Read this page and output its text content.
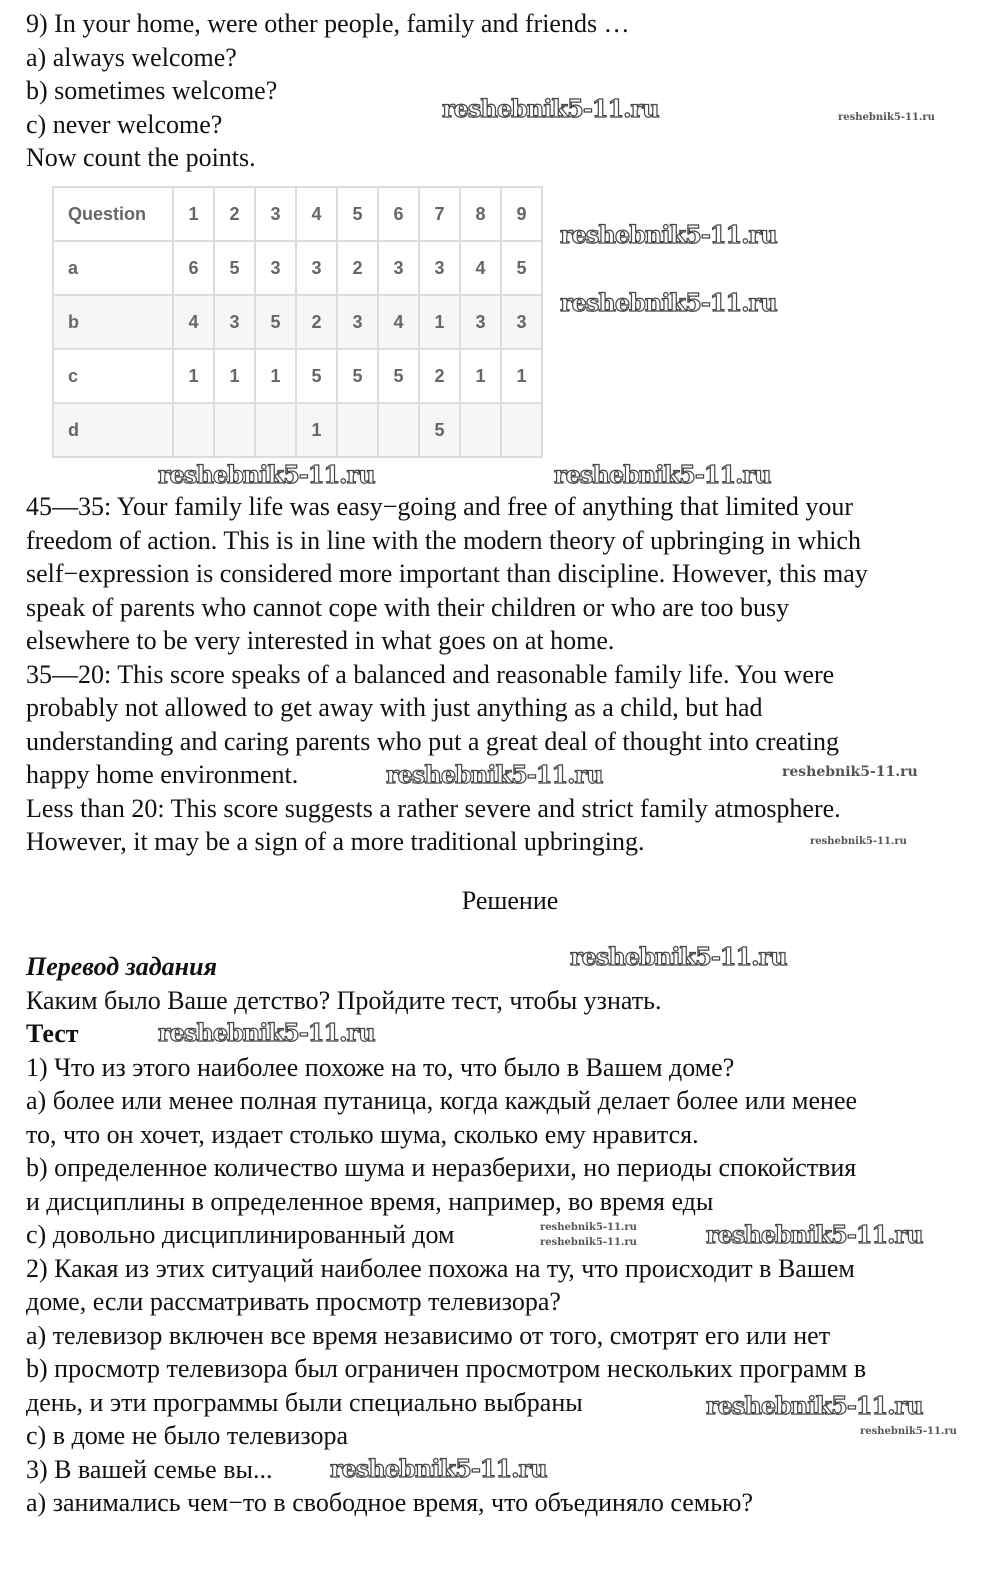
9) In your home, were other people, family and friends …
a) always welcome?
b) sometimes welcome?
c) never welcome?
Now count the points.
Question	1	2	3	4	5	6	7	8	9
a	6	5	3	3	2	3	3	4	5
b	4	3	5	2	3	4	1	3	3
c	1	1	1	5	5	5	2	1	1
d				1			5		
45—35: Your family life was easy−going and free of anything that limited your
freedom of action. This is in line with the modern theory of upbringing in which
self−expression is considered more important than discipline. However, this may
speak of parents who cannot cope with their children or who are too busy
elsewhere to be very interested in what goes on at home.
35—20: This score speaks of a balanced and reasonable family life. You were
probably not allowed to get away with just anything as a child, but had
understanding and caring parents who put a great deal of thought into creating
happy home environment.
Less than 20: This score suggests a rather severe and strict family atmosphere.
However, it may be a sign of a more traditional upbringing.
Решение
Перевод задания
Каким было Ваше детство? Пройдите тест, чтобы узнать.
Тест
1) Что из этого наиболее похоже на то, что было в Вашем доме?
a) более или менее полная путаница, когда каждый делает более или менее
то, что он хочет, издает столько шума, сколько ему нравится.
b) определенное количество шума и неразберихи, но периоды спокойствия
и дисциплины в определенное время, например, во время еды
c) довольно дисциплинированный дом
2) Какая из этих ситуаций наиболее похожа на ту, что происходит в Вашем
доме, если рассматривать просмотр телевизора?
a) телевизор включен все время независимо от того, смотрят его или нет
b) просмотр телевизора был ограничен просмотром нескольких программ в
день, и эти программы были специально выбраны
c) в доме не было телевизора
3) В вашей семье вы...
a) занимались чем−то в свободное время, что объединяло семью?
reshebnik5-11.ru	reshebnik5-11.ru
reshebnik5-11.ru
reshebnik5-11.ru
reshebnik5-11.ru	reshebnik5-11.ru
reshebnik5-11.ru	reshebnik5-11.ru
reshebnik5-11.ru
reshebnik5-11.ru
reshebnik5-11.ru
reshebnik5-11.ru
reshebnik5-11.ru	reshebnik5-11.ru
reshebnik5-11.ru
reshebnik5-11.ru
reshebnik5-11.ru
